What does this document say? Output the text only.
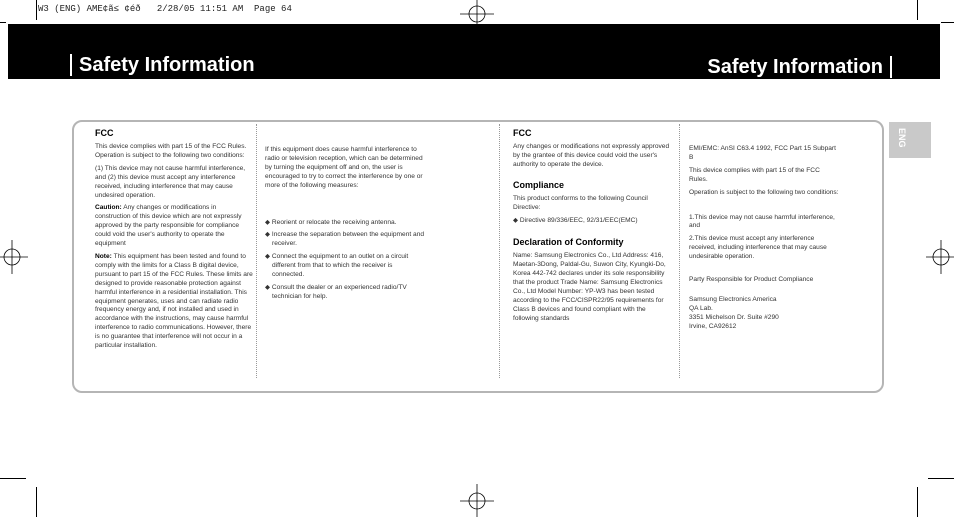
W3 (ENG) AME¢ã≤ ¢éð   2/28/05 11:51 AM  Page 64
Safety Information	Safety Information
ENG

FCC

This device complies with part 15 of the FCC Rules. Operation is subject to the following two conditions:

(1) This device may not cause harmful interference, and (2) this device must accept any interference received, including interference that may cause undesired operation.

Caution: Any changes or modifications in construction of this device which are not expressly approved by the party responsible for compliance could void the user's authority to operate the equipment

Note: This equipment has been tested and found to comply with the limits for a Class B digital device, pursuant to part 15 of the FCC Rules. These limits are designed to provide reasonable protection against harmful interference in a residential installation. This equipment generates, uses and can radiate radio frequency energy and, if not installed and used in accordance with the instructions, may cause harmful interference to radio communications. However, there is no guarantee that interference will not occur in a particular installation.

If this equipment does cause harmful interference to radio or television reception, which can be determined by turning the equipment off and on, the user is encouraged to try to correct the interference by one or more of the following measures:

◆ Reorient or relocate the receiving antenna.

◆ Increase the separation between the equipment and receiver.

◆ Connect the equipment to an outlet on a circuit different from that to which the receiver is connected.

◆ Consult the dealer or an experienced radio/TV technician for help.

FCC

Any changes or modifications not expressly approved by the grantee of this device could void the user's authority to operate the device.

Compliance

This product conforms to the following Council Directive:

◆ Directive 89/336/EEC, 92/31/EEC(EMC)

Declaration of Conformity

Name: Samsung Electronics Co., Ltd Address: 416, Maetan-3Dong, Paldal-Gu, Suwon City, Kyungki-Do, Korea 442-742 declares under its sole responsibility that the product Trade Name: Samsung Electronics Co., Ltd Model Number: YP-W3 has been tested according to the FCC/CISPR22/95 requirements for Class B devices and found compliant with the following standards

EMI/EMC: AnSI C63.4 1992, FCC Part 15 Subpart B

This device complies with part 15 of the FCC Rules.

Operation is subject to the following two conditions:

1.This device may not cause harmful interference, and

2.This device must accept any interference received, including interference that may cause undesirable operation.

Party Responsible for Product Compliance

Samsung Electronics America
QA Lab.
3351 Michelson Dr. Suite #290
Irvine, CA92612
